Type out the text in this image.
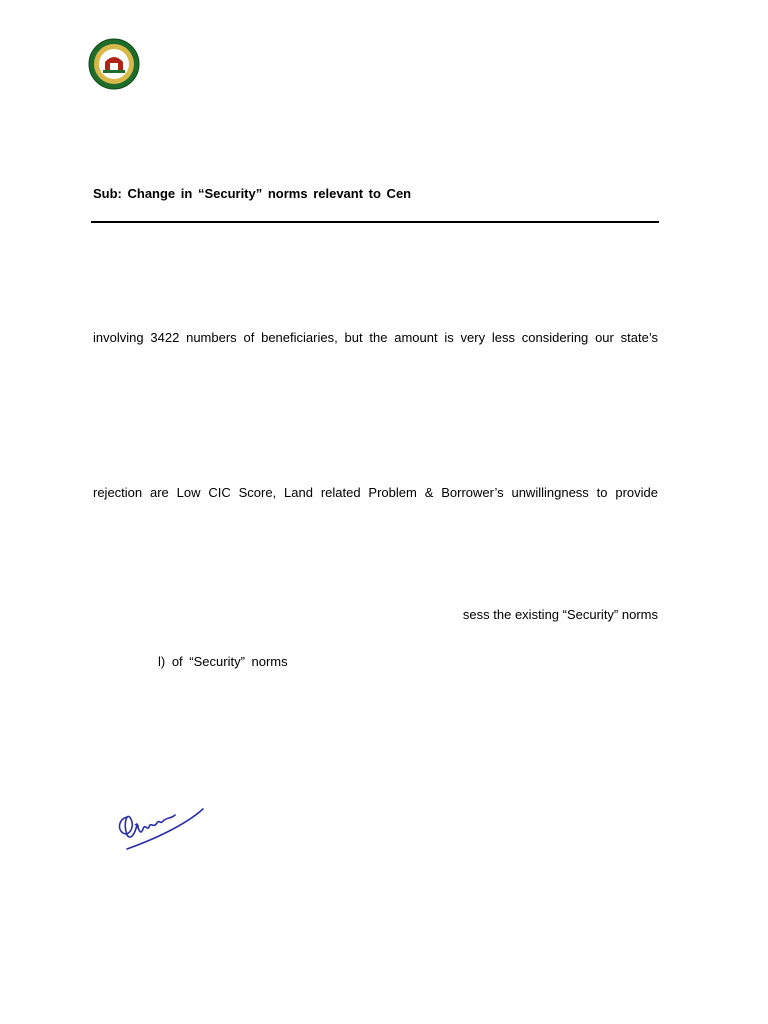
Sub: Change in “Security” norms relevant to Cen
involving 3422 numbers of beneficiaries, but the amount is very less considering our state’s
rejection are Low CIC Score, Land related Problem & Borrower’s unwillingness to provide
sess the existing “Security” norms
l) of “Security” norms
